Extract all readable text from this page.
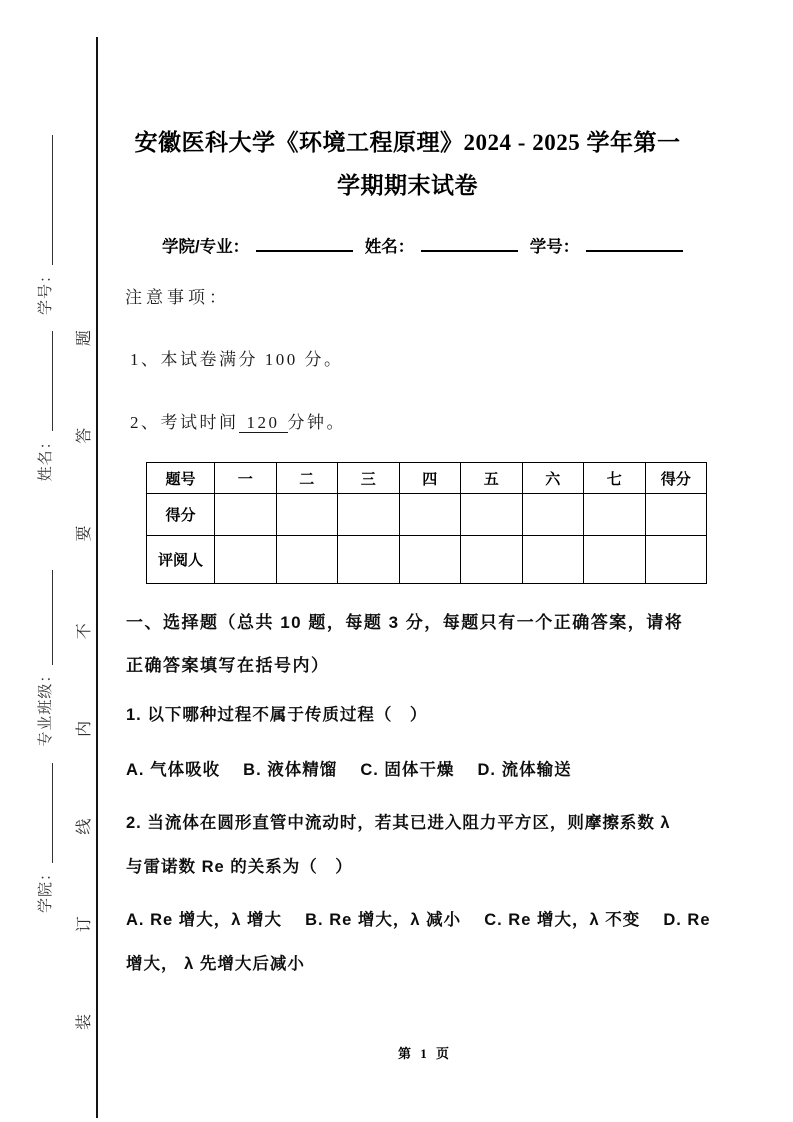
学院：
专业班级：
姓名：
学号：
装
订
线
内
不
要
答
题
安徽医科大学《环境工程原理》2024 - 2025 学年第一
学期期末试卷
学院/专业：	姓名：	学号：
注意事项：
1、本试卷满分 100 分。
2、考试时间 120 分钟。
题号	一	二	三	四	五	六	七	得分
得分								
评阅人								
一、选择题（总共 10 题，每题 3 分，每题只有一个正确答案，请将
正确答案填写在括号内）
1. 以下哪种过程不属于传质过程（　）
A. 气体吸收　 B. 液体精馏　 C. 固体干燥　 D. 流体输送
2. 当流体在圆形直管中流动时，若其已进入阻力平方区，则摩擦系数 λ
与雷诺数 Re 的关系为（　）
A. Re 增大，λ 增大　 B. Re 增大，λ 减小　 C. Re 增大，λ 不变　 D. Re
增大， λ 先增大后减小
第 1 页
